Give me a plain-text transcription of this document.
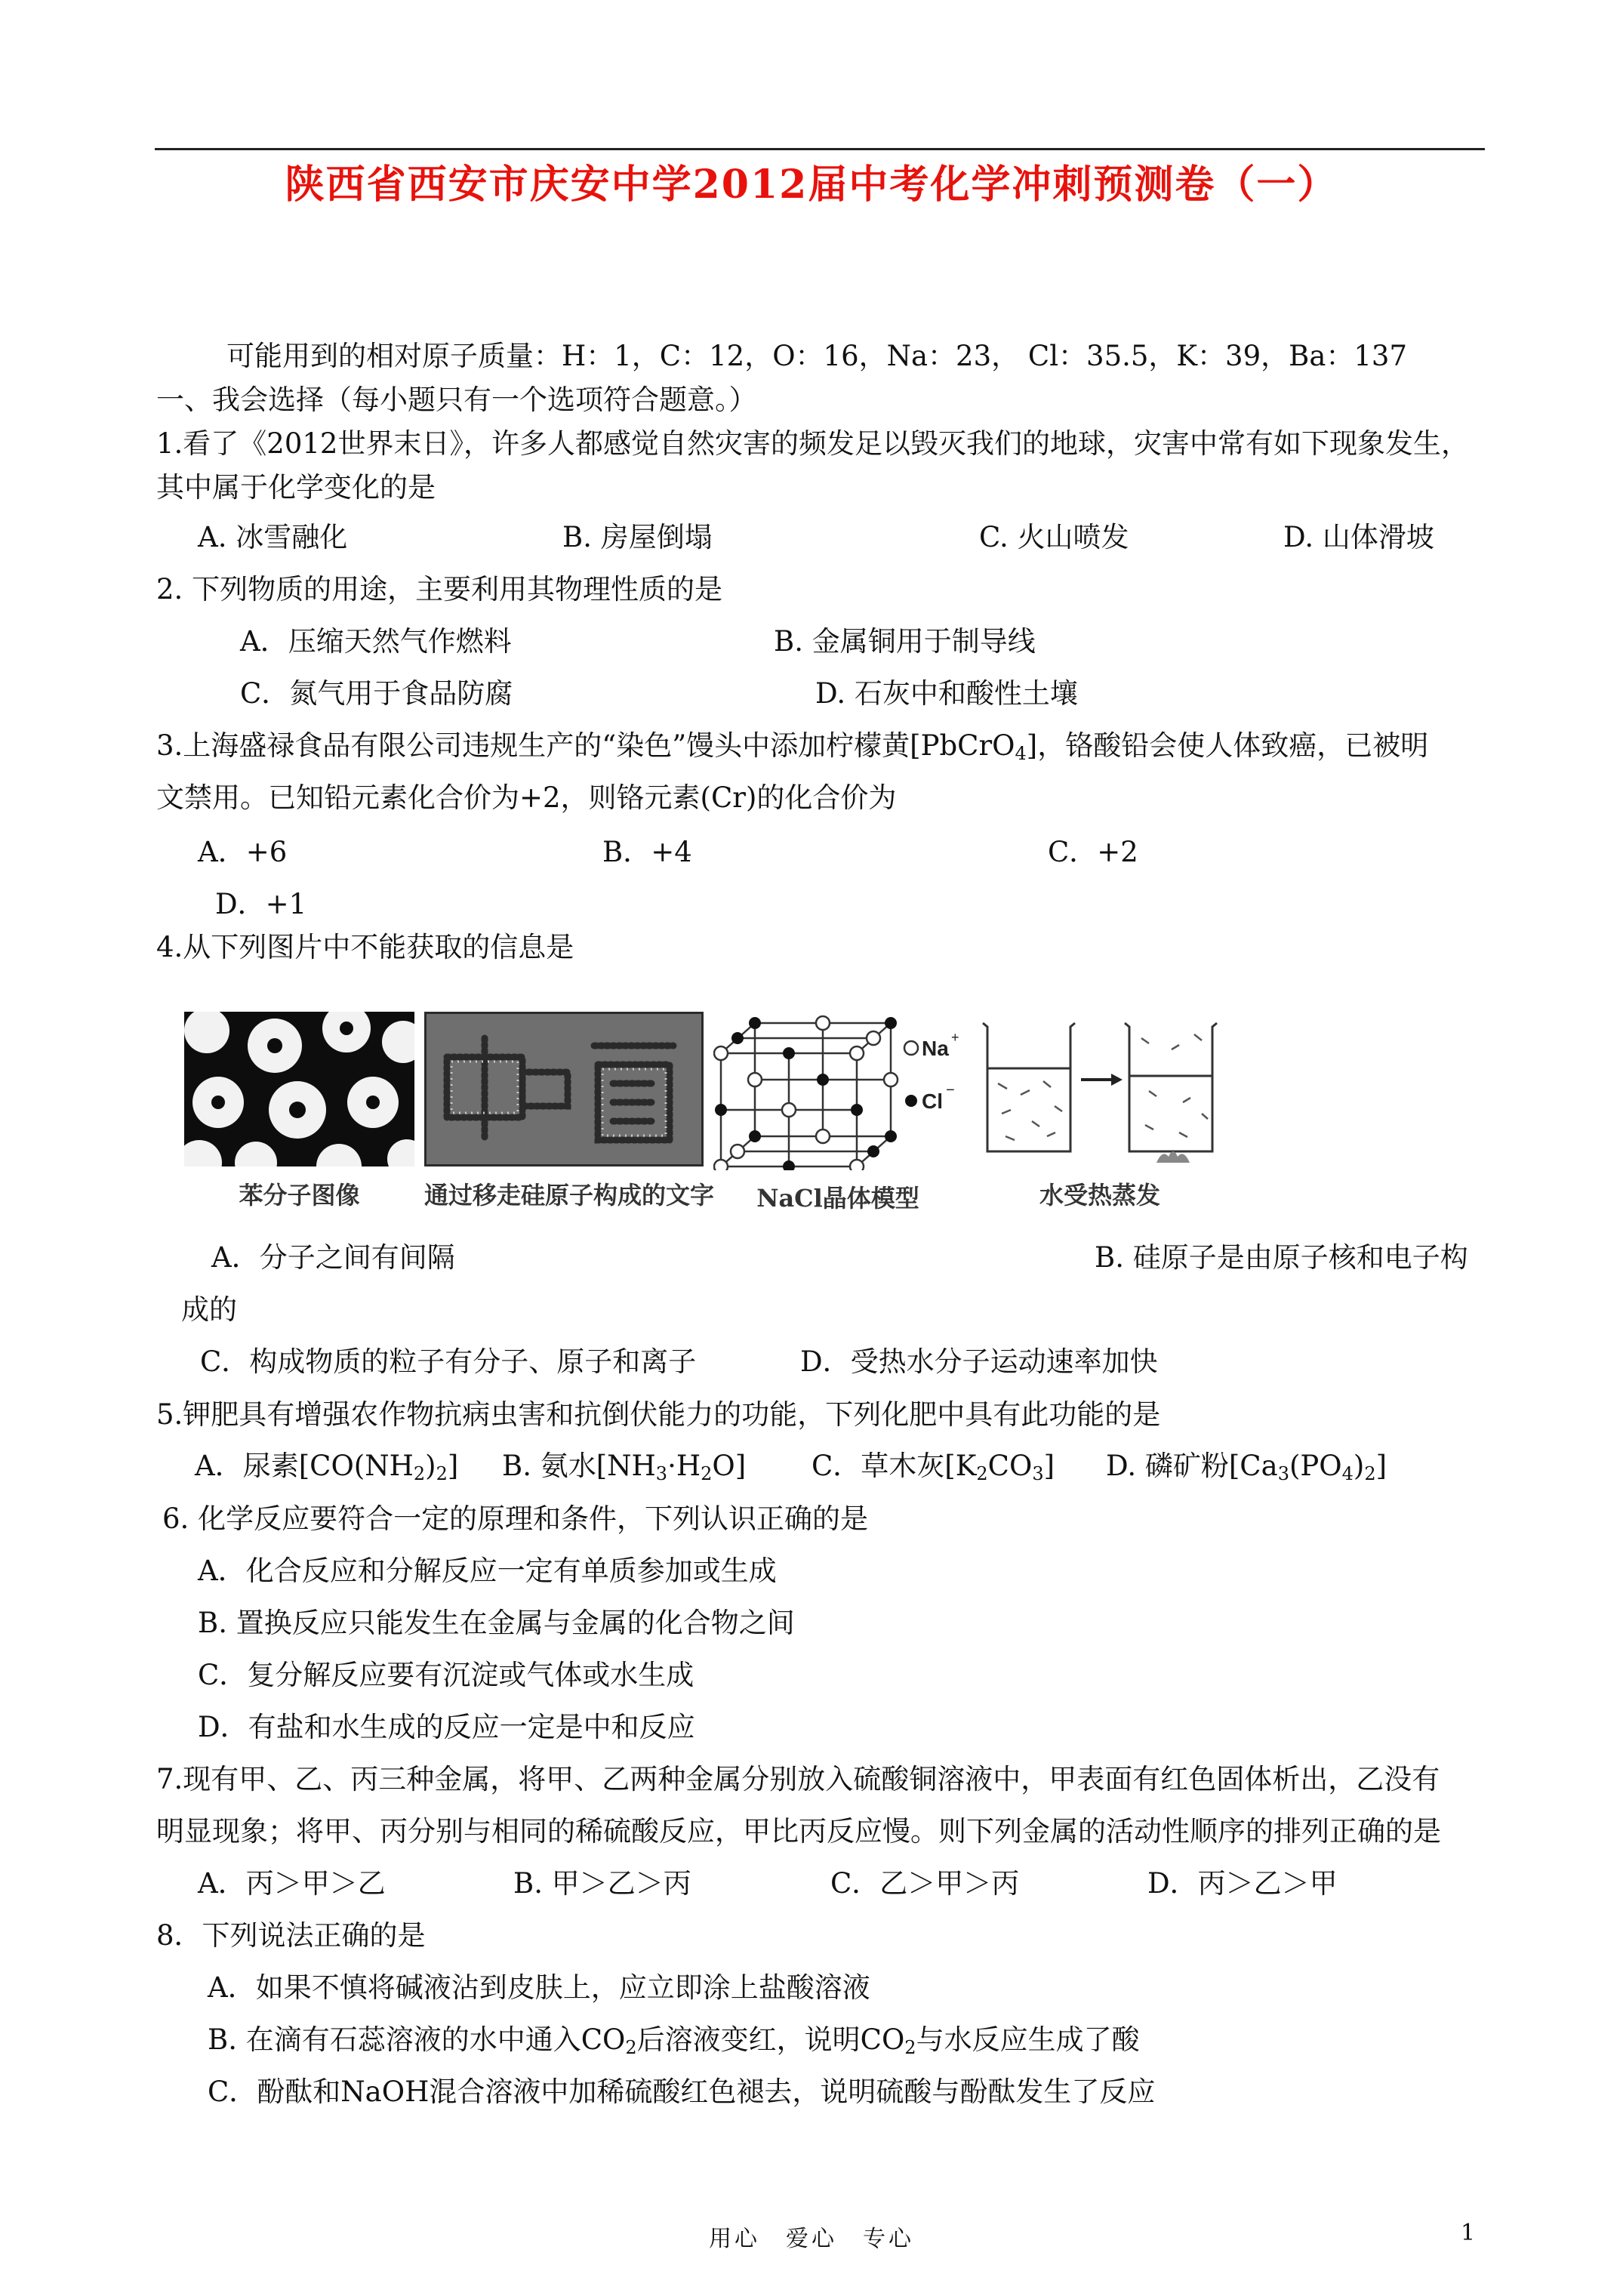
陕西省西安市庆安中学2012届中考化学冲刺预测卷（一）
可能用到的相对原子质量：H：1，C：12，O：16，Na：23， Cl：35.5，K：39，Ba：137
一、我会选择（每小题只有一个选项符合题意。）
1.看了《2012世界末日》，许多人都感觉自然灾害的频发足以毁灭我们的地球，灾害中常有如下现象发生，
其中属于化学变化的是
A. 冰雪融化	B. 房屋倒塌	C. 火山喷发	D. 山体滑坡
2. 下列物质的用途，主要利用其物理性质的是
A．压缩天然气作燃料	B. 金属铜用于制导线
C．氮气用于食品防腐	D. 石灰中和酸性土壤
3.上海盛禄食品有限公司违规生产的“染色”馒头中添加柠檬黄[PbCrO$_4$]，铬酸铅会使人体致癌，已被明
文禁用。已知铅元素化合价为+2，则铬元素(Cr)的化合价为
A．+6	B．+4	C．+2
D．+1
4.从下列图片中不能获取的信息是
苯分子图像	通过移走硅原子构成的文字
Na +
Cl −
NaCl晶体模型	水受热蒸发
A．分子之间有间隔	B. 硅原子是由原子核和电子构
成的
C．构成物质的粒子有分子、原子和离子	D．受热水分子运动速率加快
5.钾肥具有增强农作物抗病虫害和抗倒伏能力的功能，下列化肥中具有此功能的是
A．尿素$[CO(NH_2)_2]$ B. 氨水$[NH_3\cdot H_2O]$ C．草木灰$[K_2CO_3]$ D. 磷矿粉$[Ca_3(PO_4)_2]$
6. 化学反应要符合一定的原理和条件，下列认识正确的是
A．化合反应和分解反应一定有单质参加或生成
B. 置换反应只能发生在金属与金属的化合物之间
C．复分解反应要有沉淀或气体或水生成
D．有盐和水生成的反应一定是中和反应
7.现有甲、乙、丙三种金属，将甲、乙两种金属分别放入硫酸铜溶液中，甲表面有红色固体析出，乙没有
明显现象；将甲、丙分别与相同的稀硫酸反应，甲比丙反应慢。则下列金属的活动性顺序的排列正确的是
A．丙＞甲＞乙	B. 甲＞乙＞丙	C．乙＞甲＞丙	D．丙＞乙＞甲
8．下列说法正确的是
A．如果不慎将碱液沾到皮肤上，应立即涂上盐酸溶液
B. 在滴有石蕊溶液的水中通入$CO_2$后溶液变红，说明$CO_2$与水反应生成了酸
C．酚酞和NaOH混合溶液中加稀硫酸红色褪去，说明硫酸与酚酞发生了反应
用心　爱心　专心	1
